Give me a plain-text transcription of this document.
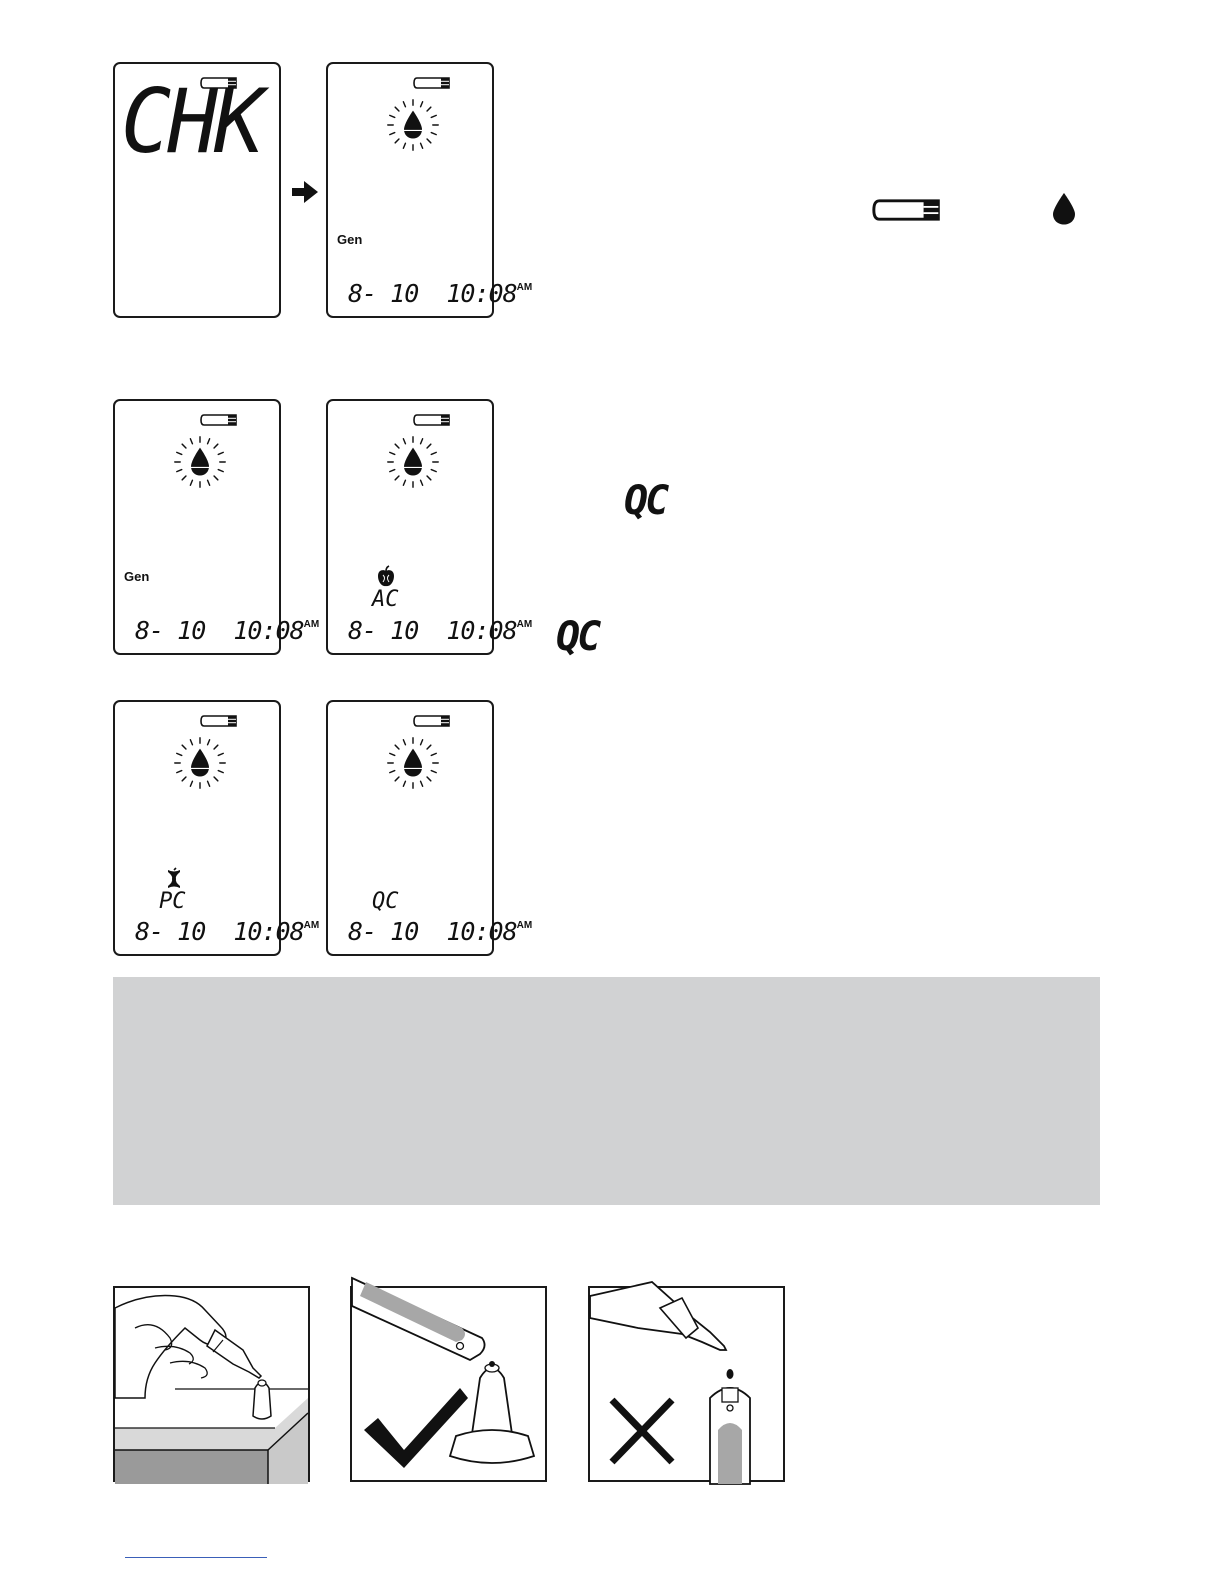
CHK
Gen
8- 10 $10:08^{AM}$
Gen
8- 10 $10:08^{AM}$
AC
8- 10 $10:08^{AM}$
QC
QC
PC
8- 10 $10:08^{AM}$
QC
8- 10 $10:08^{AM}$
